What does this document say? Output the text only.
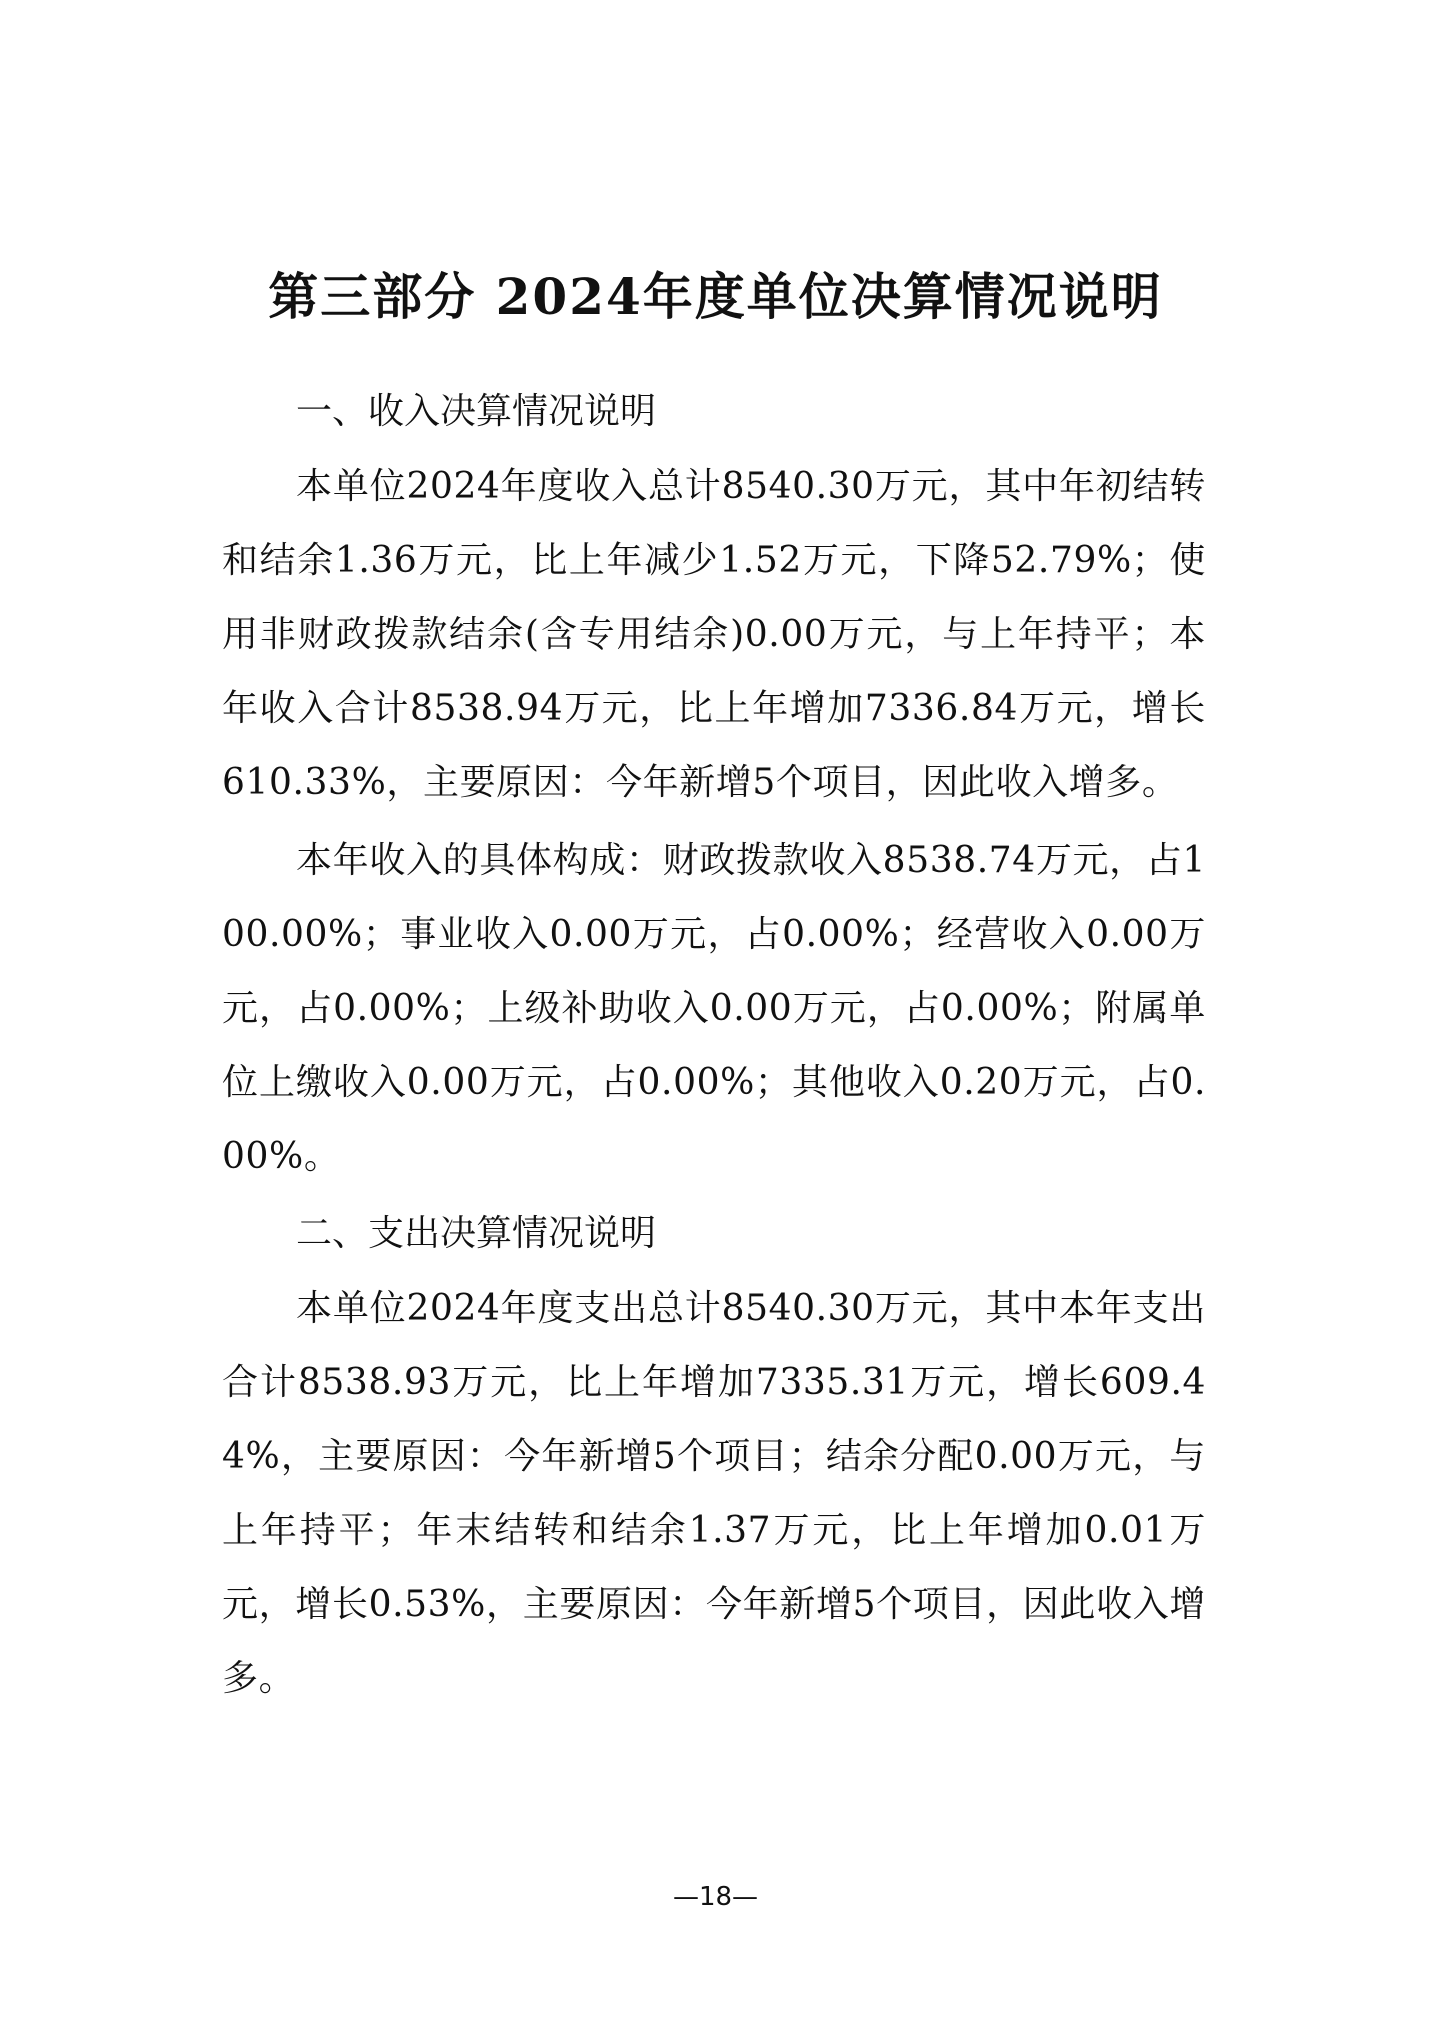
第三部分 2024年度单位决算情况说明
一、收入决算情况说明

本单位2024年度收入总计8540.30万元，其中年初结转和结余1.36万元，比上年减少1.52万元，下降52.79%；使用非财政拨款结余(含专用结余)0.00万元，与上年持平；本年收入合计8538.94万元，比上年增加7336.84万元，增长610.33%，主要原因：今年新增5个项目，因此收入增多。

本年收入的具体构成：财政拨款收入8538.74万元，占100.00%；事业收入0.00万元，占0.00%；经营收入0.00万元，占0.00%；上级补助收入0.00万元，占0.00%；附属单位上缴收入0.00万元，占0.00%；其他收入0.20万元，占0.00%。

二、支出决算情况说明

本单位2024年度支出总计8540.30万元，其中本年支出合计8538.93万元，比上年增加7335.31万元，增长609.44%，主要原因：今年新增5个项目；结余分配0.00万元，与上年持平；年末结转和结余1.37万元，比上年增加0.01万元，增长0.53%，主要原因：今年新增5个项目，因此收入增多。

—18—
